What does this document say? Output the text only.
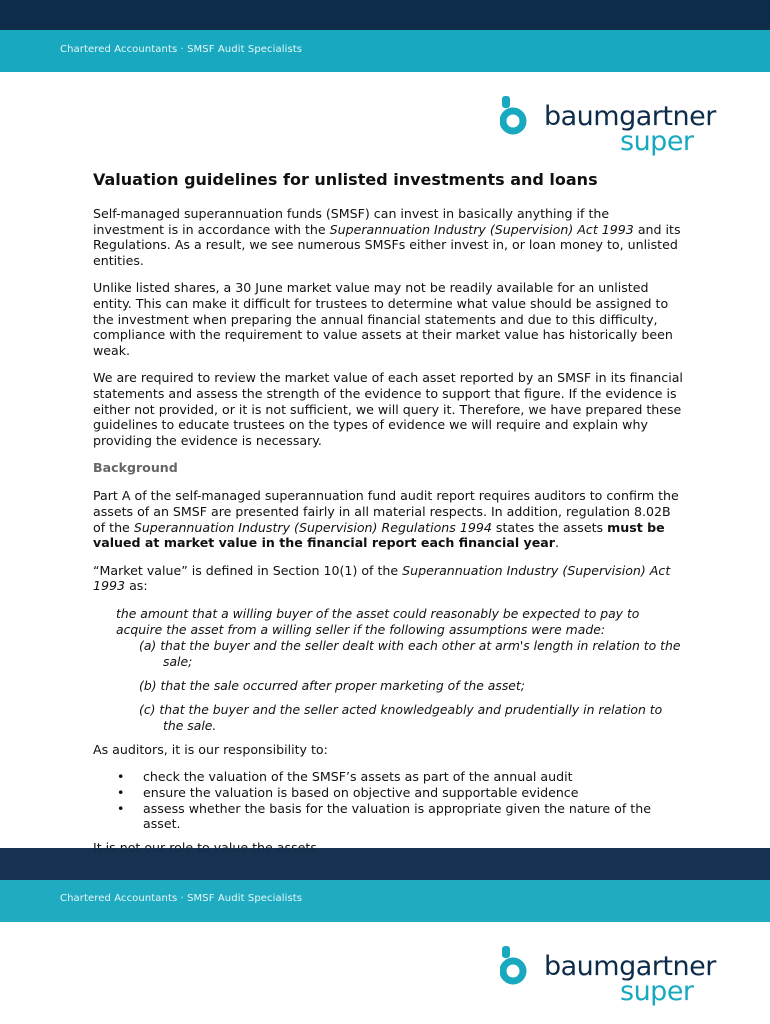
Chartered Accountants · SMSF Audit Specialists
baumgartner
super
Valuation guidelines for unlisted investments and loans

Self-managed superannuation funds (SMSF) can invest in basically anything if the investment is in accordance with the Superannuation Industry (Supervision) Act 1993 and its Regulations. As a result, we see numerous SMSFs either invest in, or loan money to, unlisted entities.

Unlike listed shares, a 30 June market value may not be readily available for an unlisted entity. This can make it difficult for trustees to determine what value should be assigned to the investment when preparing the annual financial statements and due to this difficulty, compliance with the requirement to value assets at their market value has historically been weak.

We are required to review the market value of each asset reported by an SMSF in its financial statements and assess the strength of the evidence to support that figure. If the evidence is either not provided, or it is not sufficient, we will query it. Therefore, we have prepared these guidelines to educate trustees on the types of evidence we will require and explain why providing the evidence is necessary.

Background

Part A of the self-managed superannuation fund audit report requires auditors to confirm the assets of an SMSF are presented fairly in all material respects. In addition, regulation 8.02B of the Superannuation Industry (Supervision) Regulations 1994 states the assets must be valued at market value in the financial report each financial year.

“Market value” is defined in Section 10(1) of the Superannuation Industry (Supervision) Act 1993 as:

the amount that a willing buyer of the asset could reasonably be expected to pay to acquire the asset from a willing seller if the following assumptions were made:
(a) that the buyer and the seller dealt with each other at arm's length in relation to the sale;
(b) that the sale occurred after proper marketing of the asset;
(c) that the buyer and the seller acted knowledgeably and prudentially in relation to the sale.

As auditors, it is our responsibility to:

• check the valuation of the SMSF’s assets as part of the annual audit
• ensure the valuation is based on objective and supportable evidence
• assess whether the basis for the valuation is appropriate given the nature of the asset.

Chartered Accountants · SMSF Audit Specialists
baumgartner
super
